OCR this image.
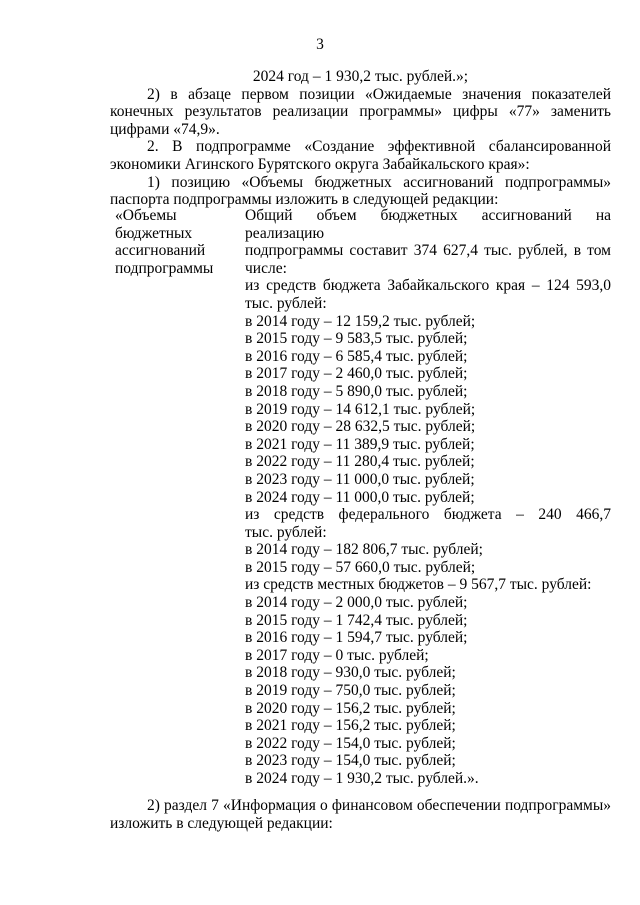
3

2024 год – 1 930,2 тыс. рублей.»;

2) в абзаце первом позиции «Ожидаемые значения показателей

конечных результатов реализации программы» цифры «77» заменить

цифрами «74,9».

2. В подпрограмме «Создание эффективной сбалансированной

экономики Агинского Бурятского округа Забайкальского края»:

1) позицию «Объемы бюджетных ассигнований подпрограммы»

паспорта подпрограммы изложить в следующей редакции:

«Объемы
бюджетных
ассигнований
подпрограммы

Общий объем бюджетных ассигнований на реализацию

подпрограммы составит 374 627,4 тыс. рублей, в том

числе:

из средств бюджета Забайкальского края – 124 593,0

тыс. рублей:

в 2014 году – 12 159,2 тыс. рублей;

в 2015 году – 9 583,5 тыс. рублей;

в 2016 году – 6 585,4 тыс. рублей;

в 2017 году – 2 460,0 тыс. рублей;

в 2018 году – 5 890,0 тыс. рублей;

в 2019 году – 14 612,1 тыс. рублей;

в 2020 году – 28 632,5 тыс. рублей;

в 2021 году – 11 389,9 тыс. рублей;

в 2022 году – 11 280,4 тыс. рублей;

в 2023 году – 11 000,0 тыс. рублей;

в 2024 году – 11 000,0 тыс. рублей;

из средств федерального бюджета – 240 466,7

тыс. рублей:

в 2014 году – 182 806,7 тыс. рублей;

в 2015 году – 57 660,0 тыс. рублей;

из средств местных бюджетов – 9 567,7 тыс. рублей:

в 2014 году – 2 000,0 тыс. рублей;

в 2015 году – 1 742,4 тыс. рублей;

в 2016 году – 1 594,7 тыс. рублей;

в 2017 году – 0 тыс. рублей;

в 2018 году – 930,0 тыс. рублей;

в 2019 году – 750,0 тыс. рублей;

в 2020 году – 156,2 тыс. рублей;

в 2021 году – 156,2 тыс. рублей;

в 2022 году – 154,0 тыс. рублей;

в 2023 году – 154,0 тыс. рублей;

в 2024 году – 1 930,2 тыс. рублей.».

2) раздел 7 «Информация о финансовом обеспечении подпрограммы»

изложить в следующей редакции:
